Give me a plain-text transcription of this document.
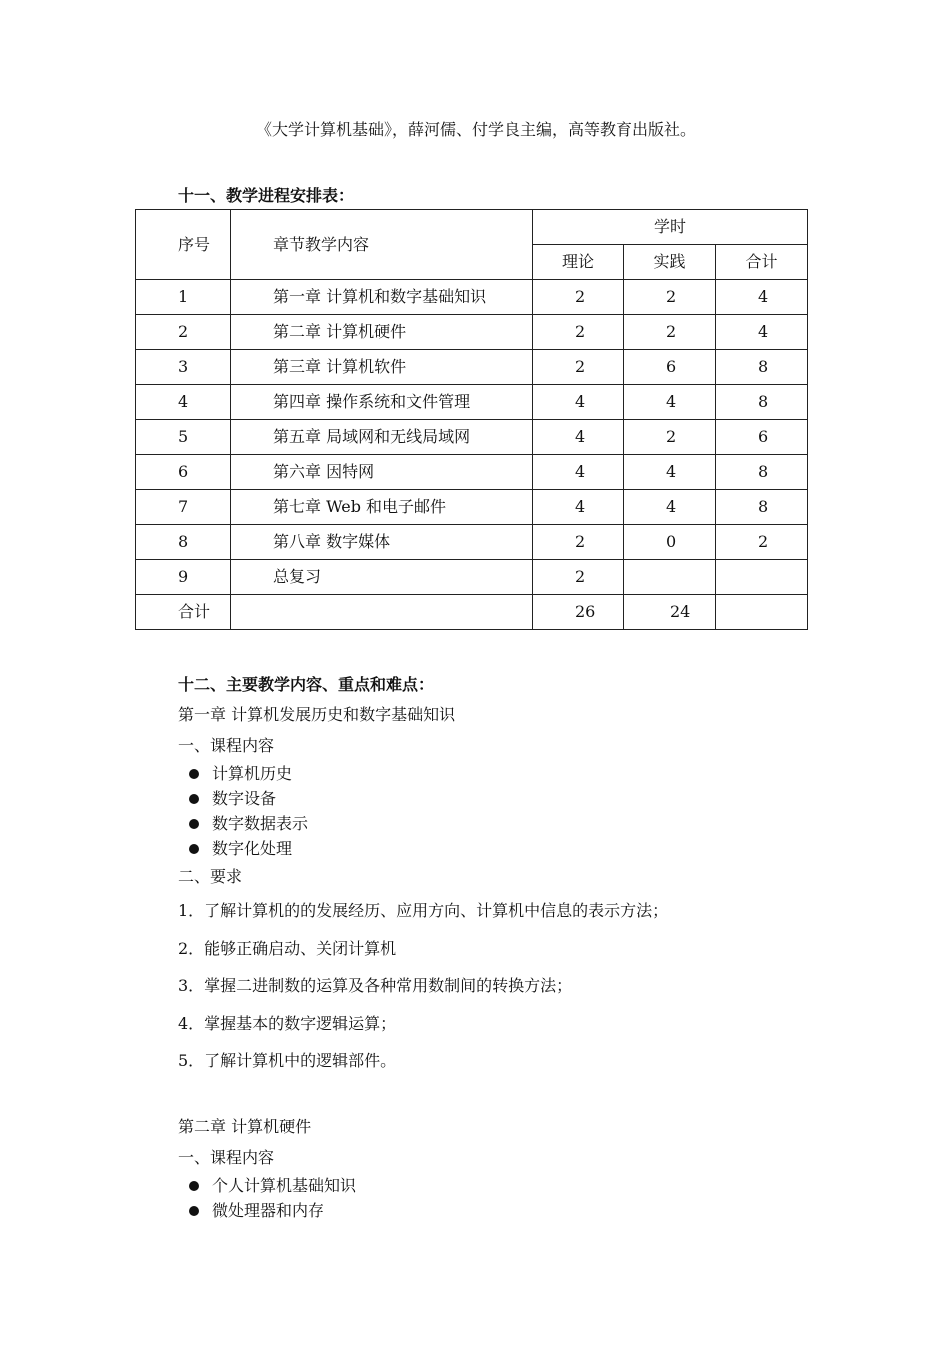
《大学计算机基础》，薛河儒、付学良主编，高等教育出版社。
十一、教学进程安排表：
序号	章节教学内容	学时		
		理论	实践	合计
1	第一章 计算机和数字基础知识	2	2	4
2	第二章 计算机硬件	2	2	4
3	第三章 计算机软件	2	6	8
4	第四章 操作系统和文件管理	4	4	8
5	第五章 局域网和无线局域网	4	2	6
6	第六章 因特网	4	4	8
7	第七章 Web 和电子邮件	4	4	8
8	第八章 数字媒体	2	0	2
9	总复习	2		
合计		26	24	
十二、主要教学内容、重点和难点：
第一章 计算机发展历史和数字基础知识
一、课程内容
计算机历史
数字设备
数字数据表示
数字化处理
二、要求
1．了解计算机的的发展经历、应用方向、计算机中信息的表示方法；
2．能够正确启动、关闭计算机
3．掌握二进制数的运算及各种常用数制间的转换方法；
4．掌握基本的数字逻辑运算；
5．了解计算机中的逻辑部件。
第二章 计算机硬件
一、课程内容
个人计算机基础知识
微处理器和内存
